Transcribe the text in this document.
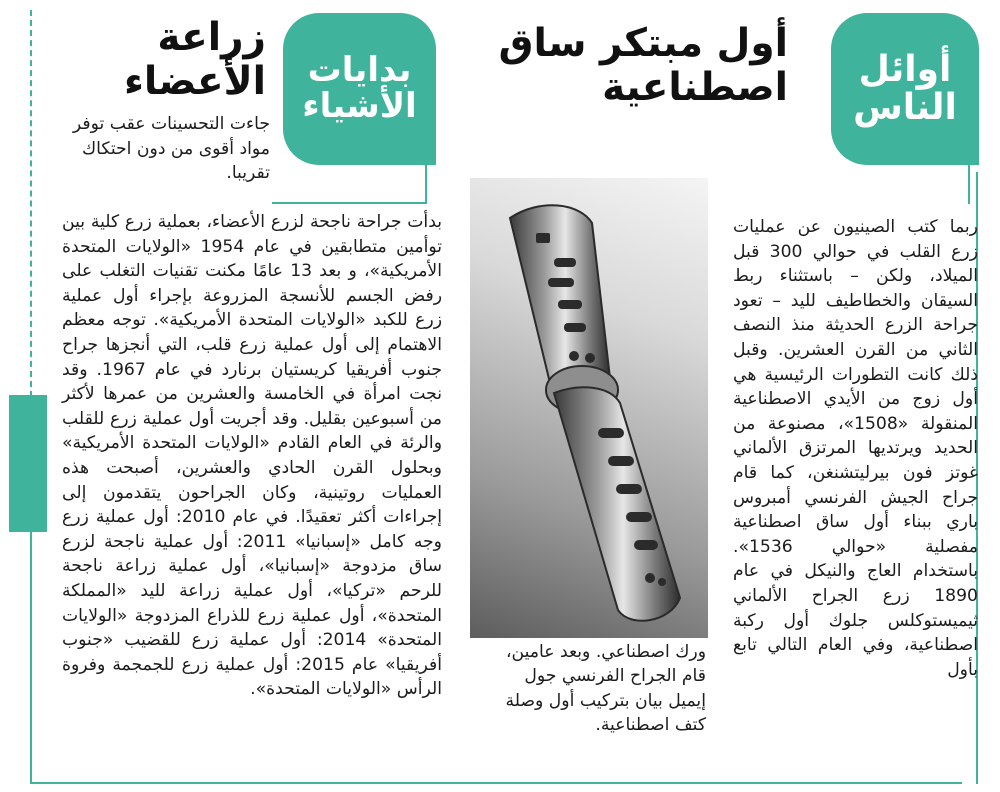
أوائل
الناس
أول مبتكر ساق اصطناعية
ربما كتب الصينيون عن عمليات زرع القلب في حوالي 300 قبل الميلاد، ولكن – باستثناء ربط السيقان والخطاطيف لليد – تعود جراحة الزرع الحديثة منذ النصف الثاني من القرن العشرين. وقبل ذلك كانت التطورات الرئيسية هي أول زوج من الأيدي الاصطناعية المنقولة «1508»، مصنوعة من الحديد ويرتديها المرتزق الألماني غوتز فون بيرليتشنغن، كما قام جراح الجيش الفرنسي أمبروس باري ببناء أول ساق اصطناعية مفصلية «حوالي 1536». باستخدام العاج والنيكل في عام 1890 زرع الجراح الألماني ثيميستوكلس جلوك أول ركبة اصطناعية، وفي العام التالي تابع بأول
ورك اصطناعي. وبعد عامين، قام الجراح الفرنسي جول إيميل بيان بتركيب أول وصلة كتف اصطناعية.
بدايات
الأشياء
زراعة الأعضاء
جاءت التحسينات عقب توفر مواد أقوى من دون احتكاك تقريبا.
بدأت جراحة ناجحة لزرع الأعضاء، بعملية زرع كلية بين توأمين متطابقين في عام 1954 «الولايات المتحدة الأمريكية»، و بعد 13 عامًا مكنت تقنيات التغلب على رفض الجسم للأنسجة المزروعة بإجراء أول عملية زرع للكبد «الولايات المتحدة الأمريكية». توجه معظم الاهتمام إلى أول عملية زرع قلب، التي أنجزها جراح جنوب أفريقيا كريستيان برنارد في عام 1967. وقد نجت امرأة في الخامسة والعشرين من عمرها لأكثر من أسبوعين بقليل. وقد أجريت أول عملية زرع للقلب والرئة في العام القادم «الولايات المتحدة الأمريكية» وبحلول القرن الحادي والعشرين، أصبحت هذه العمليات روتينية، وكان الجراحون يتقدمون إلى إجراءات أكثر تعقيدًا. في عام 2010: أول عملية زرع وجه كامل «إسبانيا» 2011: أول عملية ناجحة لزرع ساق مزدوجة «إسبانيا»، أول عملية زراعة ناجحة للرحم «تركيا»، أول عملية زراعة لليد «المملكة المتحدة»، أول عملية زرع للذراع المزدوجة «الولايات المتحدة» 2014: أول عملية زرع للقضيب «جنوب أفريقيا» عام 2015: أول عملية زرع للجمجمة وفروة الرأس «الولايات المتحدة».
